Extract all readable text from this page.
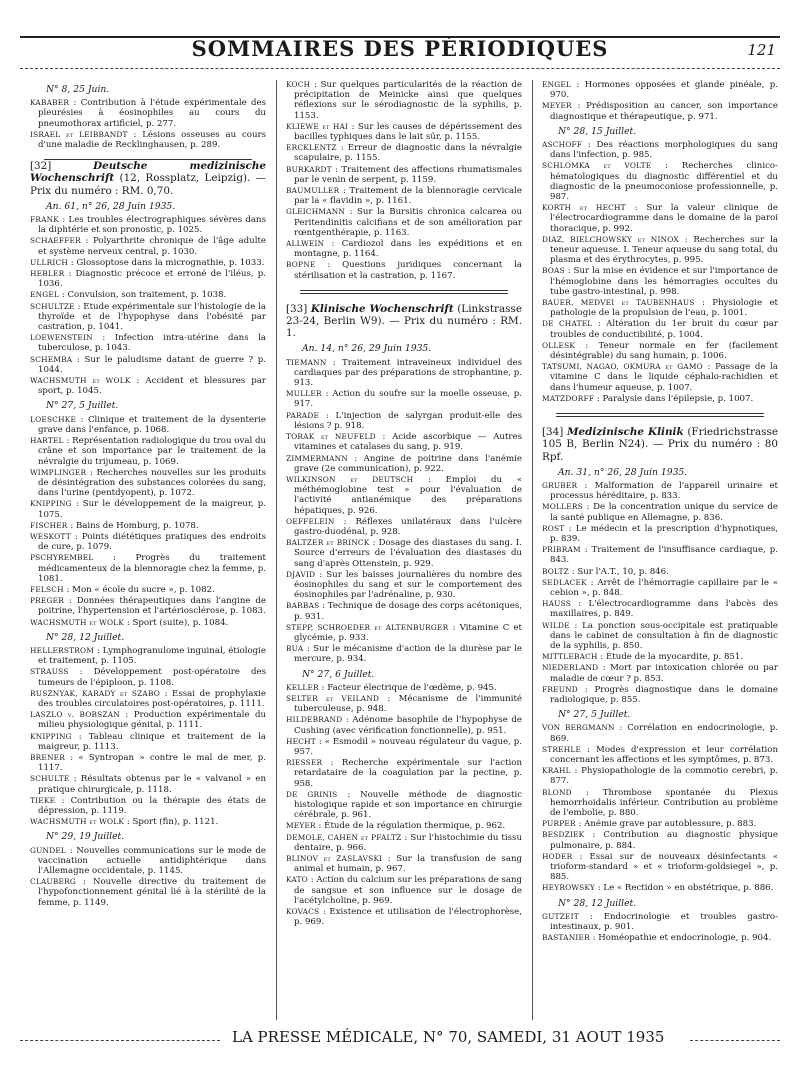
SOMMAIRES DES PÉRIODIQUES	121
N° 8, 25 Juin.
KABABER : Contribution à l'étude expérimentale des pleurésies à éosinophiles au cours du pneumothorax artificiel, p. 277.
ISRAEL et LEIBBANDT : Lésions osseuses au cours d'une maladie de Recklinghausen, p. 289.
[32]	Deutsche medizinische Wochenschrift (12, Rossplatz, Leipzig). — Prix du numéro : RM. 0,70.
An. 61, n° 26, 28 Juin 1935.
FRANK : Les troubles électrographiques sévères dans la diphtérie et son pronostic, p. 1025.
SCHAEFFER : Polyarthrite chronique de l'âge adulte et système nerveux central, p. 1030.
ULLRICH : Glossoptose dans la micrognathie, p. 1033.
HEBLER : Diagnostic précoce et erroné de l'iléus, p. 1036.
ENGEL : Convulsion, son traitement, p. 1038.
SCHULTZE : Etude expérimentale sur l'histologie de la thyroïde et de l'hypophyse dans l'obésité par castration, p. 1041.
LOEWENSTEIN : Infection intra-utérine dans la tuberculose, p. 1043.
SCHEMBA : Sur le paludisme datant de guerre ? p. 1044.
WACHSMUTH et WOLK : Accident et blessures par sport, p. 1045.
N° 27, 5 Juillet.
LOESCHKE : Clinique et traitement de la dysenterie grave dans l'enfance, p. 1068.
HARTEL : Représentation radiologique du trou oval du crâne et son importance par le traitement de la névralgie du trijumeau, p. 1069.
WIMPLINGER : Recherches nouvelles sur les produits de désintégration des substances colorées du sang, dans l'urine (pentdyopent), p. 1072.
KNIPPING : Sur le développement de la maigreur, p. 1075.
FISCHER : Bains de Homburg, p. 1078.
WESKOTT : Points diététiques pratiques des endroits de cure, p. 1079.
PSCHYREMBEL : Progrès du traitement médicamenteux de la blennoragie chez la femme, p. 1081.
FELSCH : Mon « école du sucre », p. 1082.
PREGER : Données thérapeutiques dans l'angine de poitrine, l'hypertension et l'artériosclérose, p. 1083.
WACHSMUTH et WOLK : Sport (suite), p. 1084.
N° 28, 12 Juillet.
HELLERSTROM : Lymphogranulome inguinal, étiologie et traitement, p. 1105.
STRAUSS : Développement post-opératoire des tumeurs de l'épiploon, p. 1108.
RUSZNYAK, KARADY et SZABO : Essai de prophylaxie des troubles circulatoires post-opératoires, p. 1111.
LASZLO v. BOBSZAN : Production expérimentale du milieu physiologique génital, p. 1111.
KNIPPING : Tableau clinique et traitement de la maigreur, p. 1113.
BRENER : « Syntropan » contre le mal de mer, p. 1117.
SCHULTE : Résultats obtenus par le « valvanol » en pratique chirurgicale, p. 1118.
TIEKE : Contribution ou la thérapie des états de dépression, p. 1119.
WACHSMUTH et WOLK : Sport (fin), p. 1121.
N° 29, 19 Juillet.
GUNDEL : Nouvelles communications sur le mode de vaccination actuelle antidiphtérique dans l'Allemagne occidentale, p. 1145.
CLAUBERG : Nouvelle directive du traitement de l'hypofonctionnement génital lié à la stérilité de la femme, p. 1149.
KOCH : Sur quelques particularités de la réaction de précipitation de Meinicke ainsi que quelques réflexions sur le sérodiagnostic de la syphilis, p. 1153.
KLIEWE et HAI : Sur les causes de dépérissement des bacilles typhiques dans le lait sûr, p. 1155.
ERCKLENTZ : Erreur de diagnostic dans la névralgie scapulaire, p. 1155.
BURKARDT : Traitement des affections rhumatismales par le venin de serpent, p. 1159.
BAUMULLER : Traitement de la blennoragie cervicale par la « flavidin », p. 1161.
GLEICHMANN : Sur la Bursitis chronica calcarea ou Peritendinitis calcifians et de son amélioration par rœntgenthérapie, p. 1163.
ALLWEIN : Cardiozol dans les expéditions et en montagne, p. 1164.
BOPNE : Questions juridiques concernant la stérilisation et la castration, p. 1167.
[33] Klinische Wochenschrift (Linkstrasse 23-24, Berlin W9). — Prix du numéro : RM. 1.
An. 14, n° 26, 29 Juin 1935.
TIEMANN : Traitement intraveineux individuel des cardiaques par des préparations de strophantine, p. 913.
MULLER : Action du soufre sur la moelle osseuse, p. 917.
PARADE : L'injection de salyrgan produit-elle des lésions ? p. 918.
TORAK et NEUFELD : Acide ascorbique — Autres vitamines et catalases du sang, p. 919.
ZIMMERMANN : Angine de poitrine dans l'anémie grave (2e communication), p. 922.
WILKINSON et DEUTSCH : Emploi du « méthémoglobine test » pour l'évaluation de l'activité antianémique des préparations hépatiques, p. 926.
OEFFELEIN : Réflexes unilatéraux dans l'ulcère gastro-duodénal, p. 928.
BALTZER et BRINCK : Dosage des diastases du sang. I. Source d'erreurs de l'évaluation des diastases du sang d'après Ottenstein, p. 929.
DJAVID : Sur les baisses journalières du nombre des éosinophiles du sang et sur le comportement des éosinophiles par l'adrénaline, p. 930.
BARBAS : Technique de dosage des corps acétoniques, p. 931.
STEPP, SCHROEDER et ALTENBURGER : Vitamine C et glycémie, p. 933.
BUA : Sur le mécanisme d'action de la diurèse par le mercure, p. 934.
N° 27, 6 Juillet.
KELLER : Facteur électrique de l'œdème, p. 945.
SELTER et VEILAND : Mécanisme de l'immunité tuberculeuse, p. 948.
HILDEBRAND : Adénome basophile de l'hypophyse de Cushing (avec vérification fonctionnelle), p. 951.
HECHT : « Esmodil » nouveau régulateur du vague, p. 957.
RIESSER : Recherche expérimentale sur l'action retardataire de la coagulation par la pectine, p. 958.
DE GRINIS : Nouvelle méthode de diagnostic histologique rapide et son importance en chirurgie cérébrale, p. 961.
MEYER : Étude de la régulation thermique, p. 962.
DEMOLE, CAHEN et PFALTZ : Sur l'histochimie du tissu dentaire, p. 966.
BLINOV et ZASLAVSKI : Sur la transfusion de sang animal et humain, p. 967.
KATO : Action du calcium sur les préparations de sang de sangsue et son influence sur le dosage de l'acétylcholine, p. 969.
KOVACS : Existence et utilisation de l'électrophorèse, p. 969.
ENGEL : Hormones opposées et glande pinéale, p. 970.
MEYER : Prédisposition au cancer, son importance diagnostique et thérapeutique, p. 971.
N° 28, 15 Juillet.
ASCHOFF : Des réactions morphologiques du sang dans l'infection, p. 985.
SCHLOMKA et VOLTE : Recherches clinico-hématologiques du diagnostic différentiel et du diagnostic de la pneumoconiose professionnelle, p. 987.
KORTH et HECHT : Sur la valeur clinique de l'électrocardiogramme dans le domaine de la paroi thoracique, p. 992.
DIAZ, BIELCHOWSKY et NINOX : Recherches sur la teneur aqueuse. I. Teneur aqueuse du sang total, du plasma et des érythrocytes, p. 995.
BOAS : Sur la mise en évidence et sur l'importance de l'hémoglobine dans les hémorragies occultes du tube gastro-intestinal, p. 998.
BAUER, MEDVEI et TAUBENHAUS : Physiologie et pathologie de la propulsion de l'eau, p. 1001.
DE CHATEL : Altération du 1er bruit du cœur par troubles de conductibilité, p. 1004.
OLLESK : Teneur normale en fer (facilement désintégrable) du sang humain, p. 1006.
TATSUMI, NAGAO, OKMURA et GAMO : Passage de la vitamine C dans le liquide céphalo-rachidien et dans l'humeur aqueuse, p. 1007.
MATZDORFF : Paralysie dans l'épilepsie, p. 1007.
[34] Medizinische Klinik (Friedrichstrasse 105 B, Berlin N24). — Prix du numéro : 80 Rpf.
An. 31, n° 26, 28 Juin 1935.
GRUBER : Malformation de l'appareil urinaire et processus héréditaire, p. 833.
MOLLERS : De la concentration unique du service de la santé publique en Allemagne, p. 836.
ROST : Le médecin et la prescription d'hypnotiques, p. 839.
PRIBRAM : Traitement de l'insuffisance cardiaque, p. 843.
BOLTZ : Sur l'A.T., 10, p. 846.
SEDLACEK : Arrêt de l'hémorragie capillaire par le « cebion », p. 848.
HAUSS : L'électrocardiogramme dans l'abcès des maxillaires, p. 849.
WILDE : La ponction sous-occipitale est pratiquable dans le cabinet de consultation à fin de diagnostic de la syphilis, p. 850.
MITTLEBACH : Étude de la myocardite, p. 851.
NIEDERLAND : Mort par intoxication chlorée ou par maladie de cœur ? p. 853.
FREUND : Progrès diagnostique dans le domaine radiologique, p. 855.
N° 27, 5 Juillet.
VON BERGMANN : Corrélation en endocrinologie, p. 869.
STREHLE : Modes d'expression et leur corrélation concernant les affections et les symptômes, p. 873.
KRAHL : Physiopathologie de la commotio cerebri, p. 877.
BLOND : Thrombose spontanée du Plexus hemorrhoidalis inférieur. Contribution au problème de l'embolie, p. 880.
PURPER : Anémie grave par autoblessure, p. 883.
BESDZIEK : Contribution au diagnostic physique pulmonaire, p. 884.
HODER : Essai sur de nouveaux désinfectants « trioform-standard » et « trioform-goldsiegel », p. 885.
HEYROWSKY : Le « Rectidon » en obstétrique, p. 886.
N° 28, 12 Juillet.
GUTZEIT : Endocrinologie et troubles gastro-intestinaux, p. 901.
BASTANIER : Homéopathie et endocrinologie, p. 904.
LA PRESSE MÉDICALE, N° 70, SAMEDI, 31 AOUT 1935
